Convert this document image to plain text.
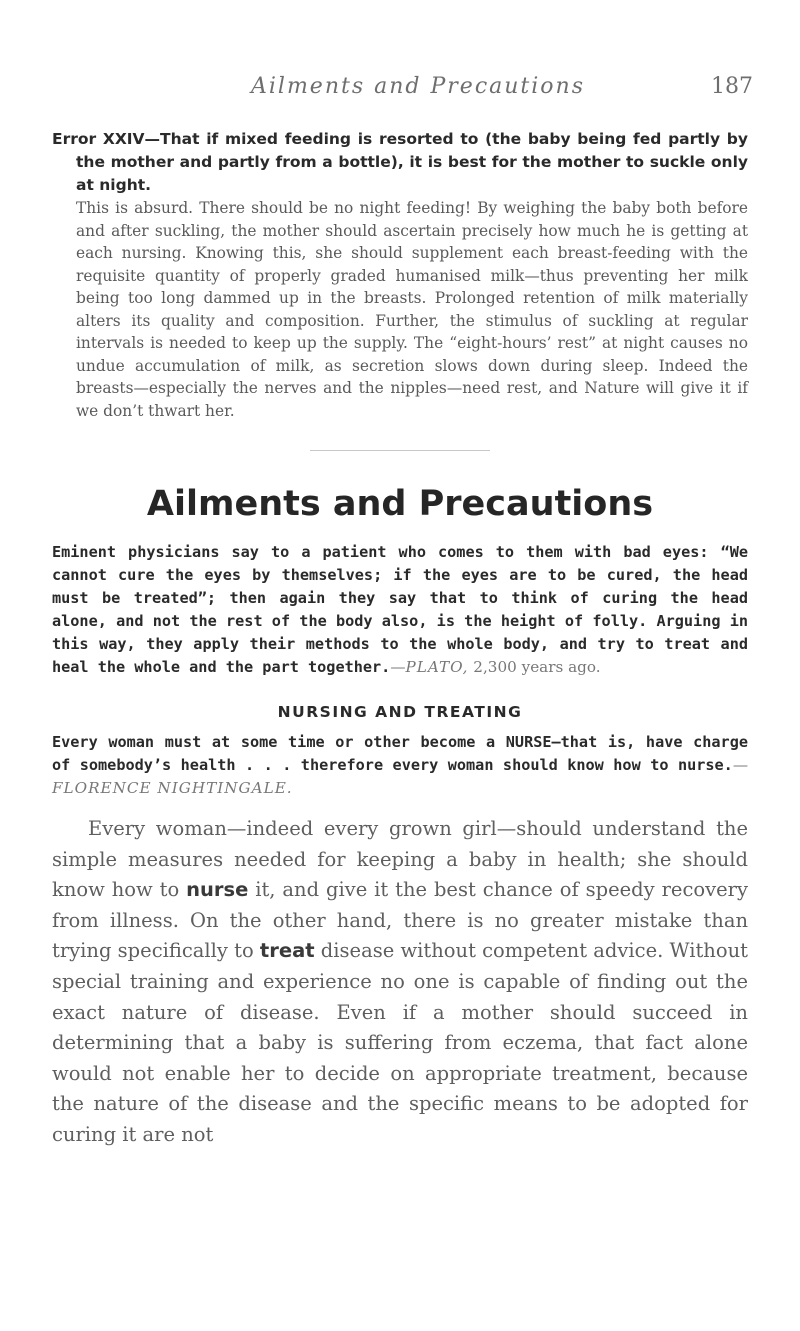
Ailments and Precautions	187
Error XXIV—That if mixed feeding is resorted to (the baby being fed partly by the mother and partly from a bottle), it is best for the mother to suckle only at night.
This is absurd. There should be no night feeding! By weighing the baby both before and after suckling, the mother should ascertain precisely how much he is getting at each nursing. Knowing this, she should supplement each breast-feeding with the requisite quantity of properly graded humanised milk—thus preventing her milk being too long dammed up in the breasts. Prolonged retention of milk materially alters its quality and composition. Further, the stimulus of suckling at regular intervals is needed to keep up the supply. The “eight-hours’ rest” at night causes no undue accumulation of milk, as secretion slows down during sleep. Indeed the breasts—especially the nerves and the nipples—need rest, and Nature will give it if we don’t thwart her.
Ailments and Precautions
Eminent physicians say to a patient who comes to them with bad eyes: “We cannot cure the eyes by themselves; if the eyes are to be cured, the head must be treated”; then again they say that to think of curing the head alone, and not the rest of the body also, is the height of folly. Arguing in this way, they apply their methods to the whole body, and try to treat and heal the whole and the part together.—PLATO, 2,300 years ago.
NURSING AND TREATING
Every woman must at some time or other become a NURSE—that is, have charge of somebody’s health . . . therefore every woman should know how to nurse.—FLORENCE NIGHTINGALE.
Every woman—indeed every grown girl—should understand the simple measures needed for keeping a baby in health; she should know how to nurse it, and give it the best chance of speedy recovery from illness. On the other hand, there is no greater mistake than trying specifically to treat disease without competent advice. Without special training and experience no one is capable of finding out the exact nature of disease. Even if a mother should succeed in determining that a baby is suffering from eczema, that fact alone would not enable her to decide on appropriate treatment, because the nature of the disease and the specific means to be adopted for curing it are not
